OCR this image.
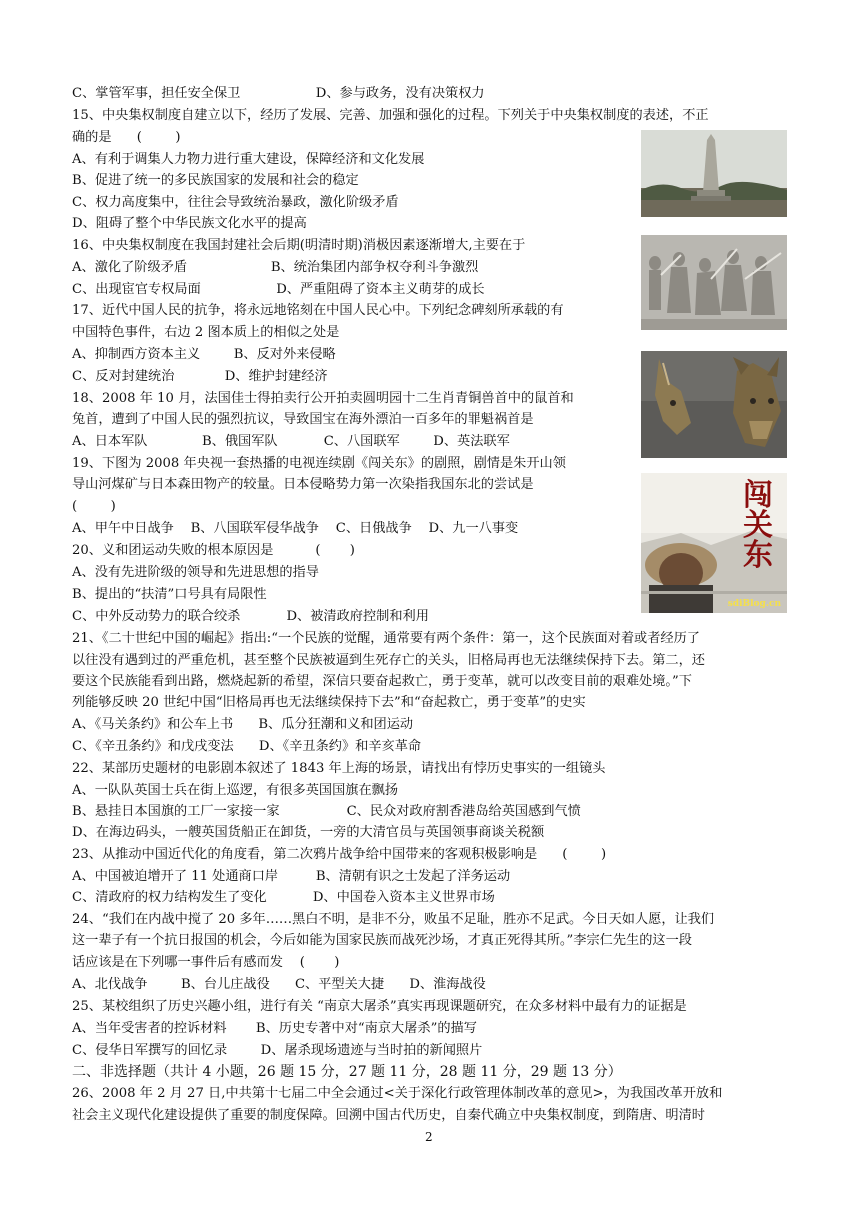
C、掌管军事，担任安全保卫                  D、参与政务，没有决策权力
15、中央集权制度自建立以下，经历了发展、完善、加强和强化的过程。下列关于中央集权制度的表述，不正
确的是      (        )
A、有利于调集人力物力进行重大建设，保障经济和文化发展
B、促进了统一的多民族国家的发展和社会的稳定
C、权力高度集中，往往会导致统治暴政，激化阶级矛盾
D、阻碍了整个中华民族文化水平的提高
16、中央集权制度在我国封建社会后期(明清时期)消极因素逐渐增大,主要在于
A、激化了阶级矛盾                    B、统治集团内部争权夺利斗争激烈
C、出现宦官专权局面                  D、严重阻碍了资本主义萌芽的成长
17、近代中国人民的抗争，将永远地铭刻在中国人民心中。下列纪念碑刻所承载的有
中国特色事件，右边 2 图本质上的相似之处是
A、抑制西方资本主义        B、反对外来侵略
C、反对封建统治            D、维护封建经济
18、2008 年 10 月，法国佳士得拍卖行公开拍卖圆明园十二生肖青铜兽首中的鼠首和
兔首，遭到了中国人民的强烈抗议，导致国宝在海外漂泊一百多年的罪魁祸首是
A、日本军队             B、俄国军队           C、八国联军        D、英法联军
19、下图为 2008 年央视一套热播的电视连续剧《闯关东》的剧照，剧情是朱开山领
导山河煤矿与日本森田物产的较量。日本侵略势力第一次染指我国东北的尝试是
(        )
A、甲午中日战争    B、八国联军侵华战争    C、日俄战争    D、九一八事变
20、义和团运动失败的根本原因是          (       )
A、没有先进阶级的领导和先进思想的指导
B、提出的“扶清”口号具有局限性
C、中外反动势力的联合绞杀           D、被清政府控制和利用
21、《二十世纪中国的崛起》指出:“一个民族的觉醒，通常要有两个条件：第一，这个民族面对着或者经历了
以往没有遇到过的严重危机，甚至整个民族被逼到生死存亡的关头，旧格局再也无法继续保持下去。第二，还
要这个民族能看到出路，燃烧起新的希望，深信只要奋起救亡，勇于变革，就可以改变目前的艰难处境。”下
列能够反映 20 世纪中国“旧格局再也无法继续保持下去”和“奋起救亡，勇于变革”的史实
A、《马关条约》和公车上书      B、瓜分狂潮和义和团运动
C、《辛丑条约》和戊戌变法      D、《辛丑条约》和辛亥革命
22、某部历史题材的电影剧本叙述了 1843 年上海的场景，请找出有悖历史事实的一组镜头
A、一队队英国士兵在街上巡逻，有很多英国国旗在飘扬
B、悬挂日本国旗的工厂一家接一家                C、民众对政府割香港岛给英国感到气愤
D、在海边码头，一艘英国货船正在卸货，一旁的大清官员与英国领事商谈关税额
23、从推动中国近代化的角度看，第二次鸦片战争给中国带来的客观积极影响是      (        )
A、中国被迫增开了 11 处通商口岸         B、清朝有识之士发起了洋务运动
C、清政府的权力结构发生了变化           D、中国卷入资本主义世界市场
24、“我们在内战中搅了 20 多年……黑白不明，是非不分，败虽不足耻，胜亦不足武。今日天如人愿，让我们
这一辈子有一个抗日报国的机会，今后如能为国家民族而战死沙场，才真正死得其所。”李宗仁先生的这一段
话应该是在下列哪一事件后有感而发    (       )
A、北伐战争        B、台儿庄战役      C、平型关大捷      D、淮海战役
25、某校组织了历史兴趣小组，进行有关 “南京大屠杀”真实再现课题研究，在众多材料中最有力的证据是
A、当年受害者的控诉材料       B、历史专著中对“南京大屠杀”的描写
C、侵华日军撰写的回忆录        D、屠杀现场遗迹与当时拍的新闻照片
二、非选择题（共计 4 小题，26 题 15 分，27 题 11 分，28 题 11 分，29 题 13 分）
26、2008 年 2 月 27 日,中共第十七届二中全会通过<关于深化行政管理体制改革的意见>，为我国改革开放和
社会主义现代化建设提供了重要的制度保障。回溯中国古代历史，自秦代确立中央集权制度，到隋唐、明清时
闯关东
sdiBlog.cn
2
